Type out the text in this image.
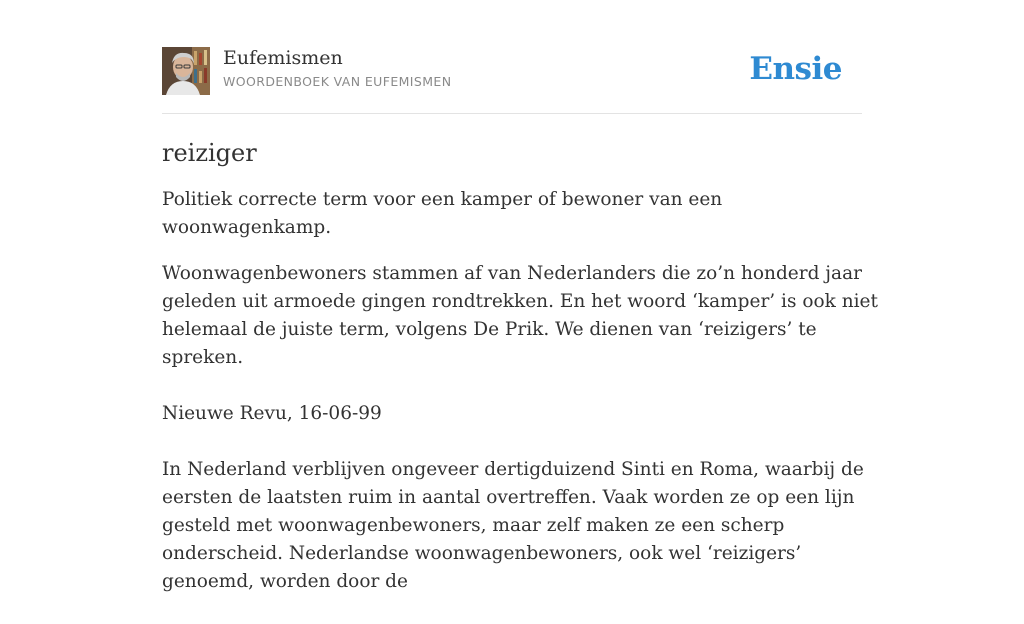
Eufemismen
WOORDENBOEK VAN EUFEMISMEN	Ensie
reiziger

Politiek correcte term voor een kamper of bewoner van een woonwagenkamp.

Woonwagenbewoners stammen af van Nederlanders die zo’n honderd jaar geleden uit armoede gingen rondtrekken. En het woord ‘kamper’ is ook niet helemaal de juiste term, volgens De Prik. We dienen van ‘reizigers’ te spreken.

Nieuwe Revu, 16-06-99

In Nederland verblijven ongeveer dertigduizend Sinti en Roma, waarbij de eersten de laatsten ruim in aantal overtreffen. Vaak worden ze op een lijn gesteld met woonwagenbewoners, maar zelf maken ze een scherp onderscheid. Nederlandse woonwagenbewoners, ook wel ‘reizigers’ genoemd, worden door de
